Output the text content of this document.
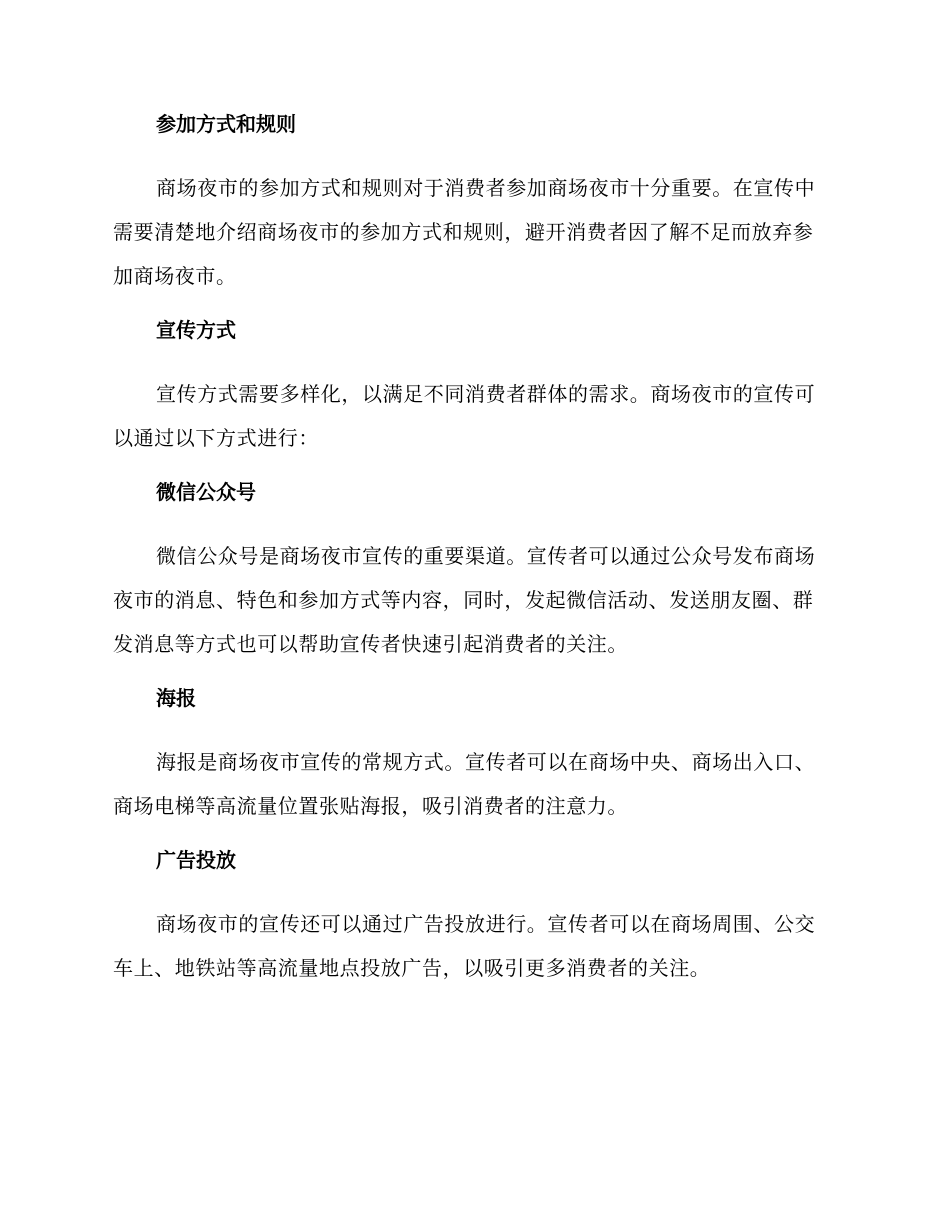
参加方式和规则

商场夜市的参加方式和规则对于消费者参加商场夜市十分重要。在宣传中需要清楚地介绍商场夜市的参加方式和规则，避开消费者因了解不足而放弃参加商场夜市。

宣传方式

宣传方式需要多样化，以满足不同消费者群体的需求。商场夜市的宣传可以通过以下方式进行：

微信公众号

微信公众号是商场夜市宣传的重要渠道。宣传者可以通过公众号发布商场夜市的消息、特色和参加方式等内容，同时，发起微信活动、发送朋友圈、群发消息等方式也可以帮助宣传者快速引起消费者的关注。

海报

海报是商场夜市宣传的常规方式。宣传者可以在商场中央、商场出入口、商场电梯等高流量位置张贴海报，吸引消费者的注意力。

广告投放

商场夜市的宣传还可以通过广告投放进行。宣传者可以在商场周围、公交车上、地铁站等高流量地点投放广告，以吸引更多消费者的关注。
